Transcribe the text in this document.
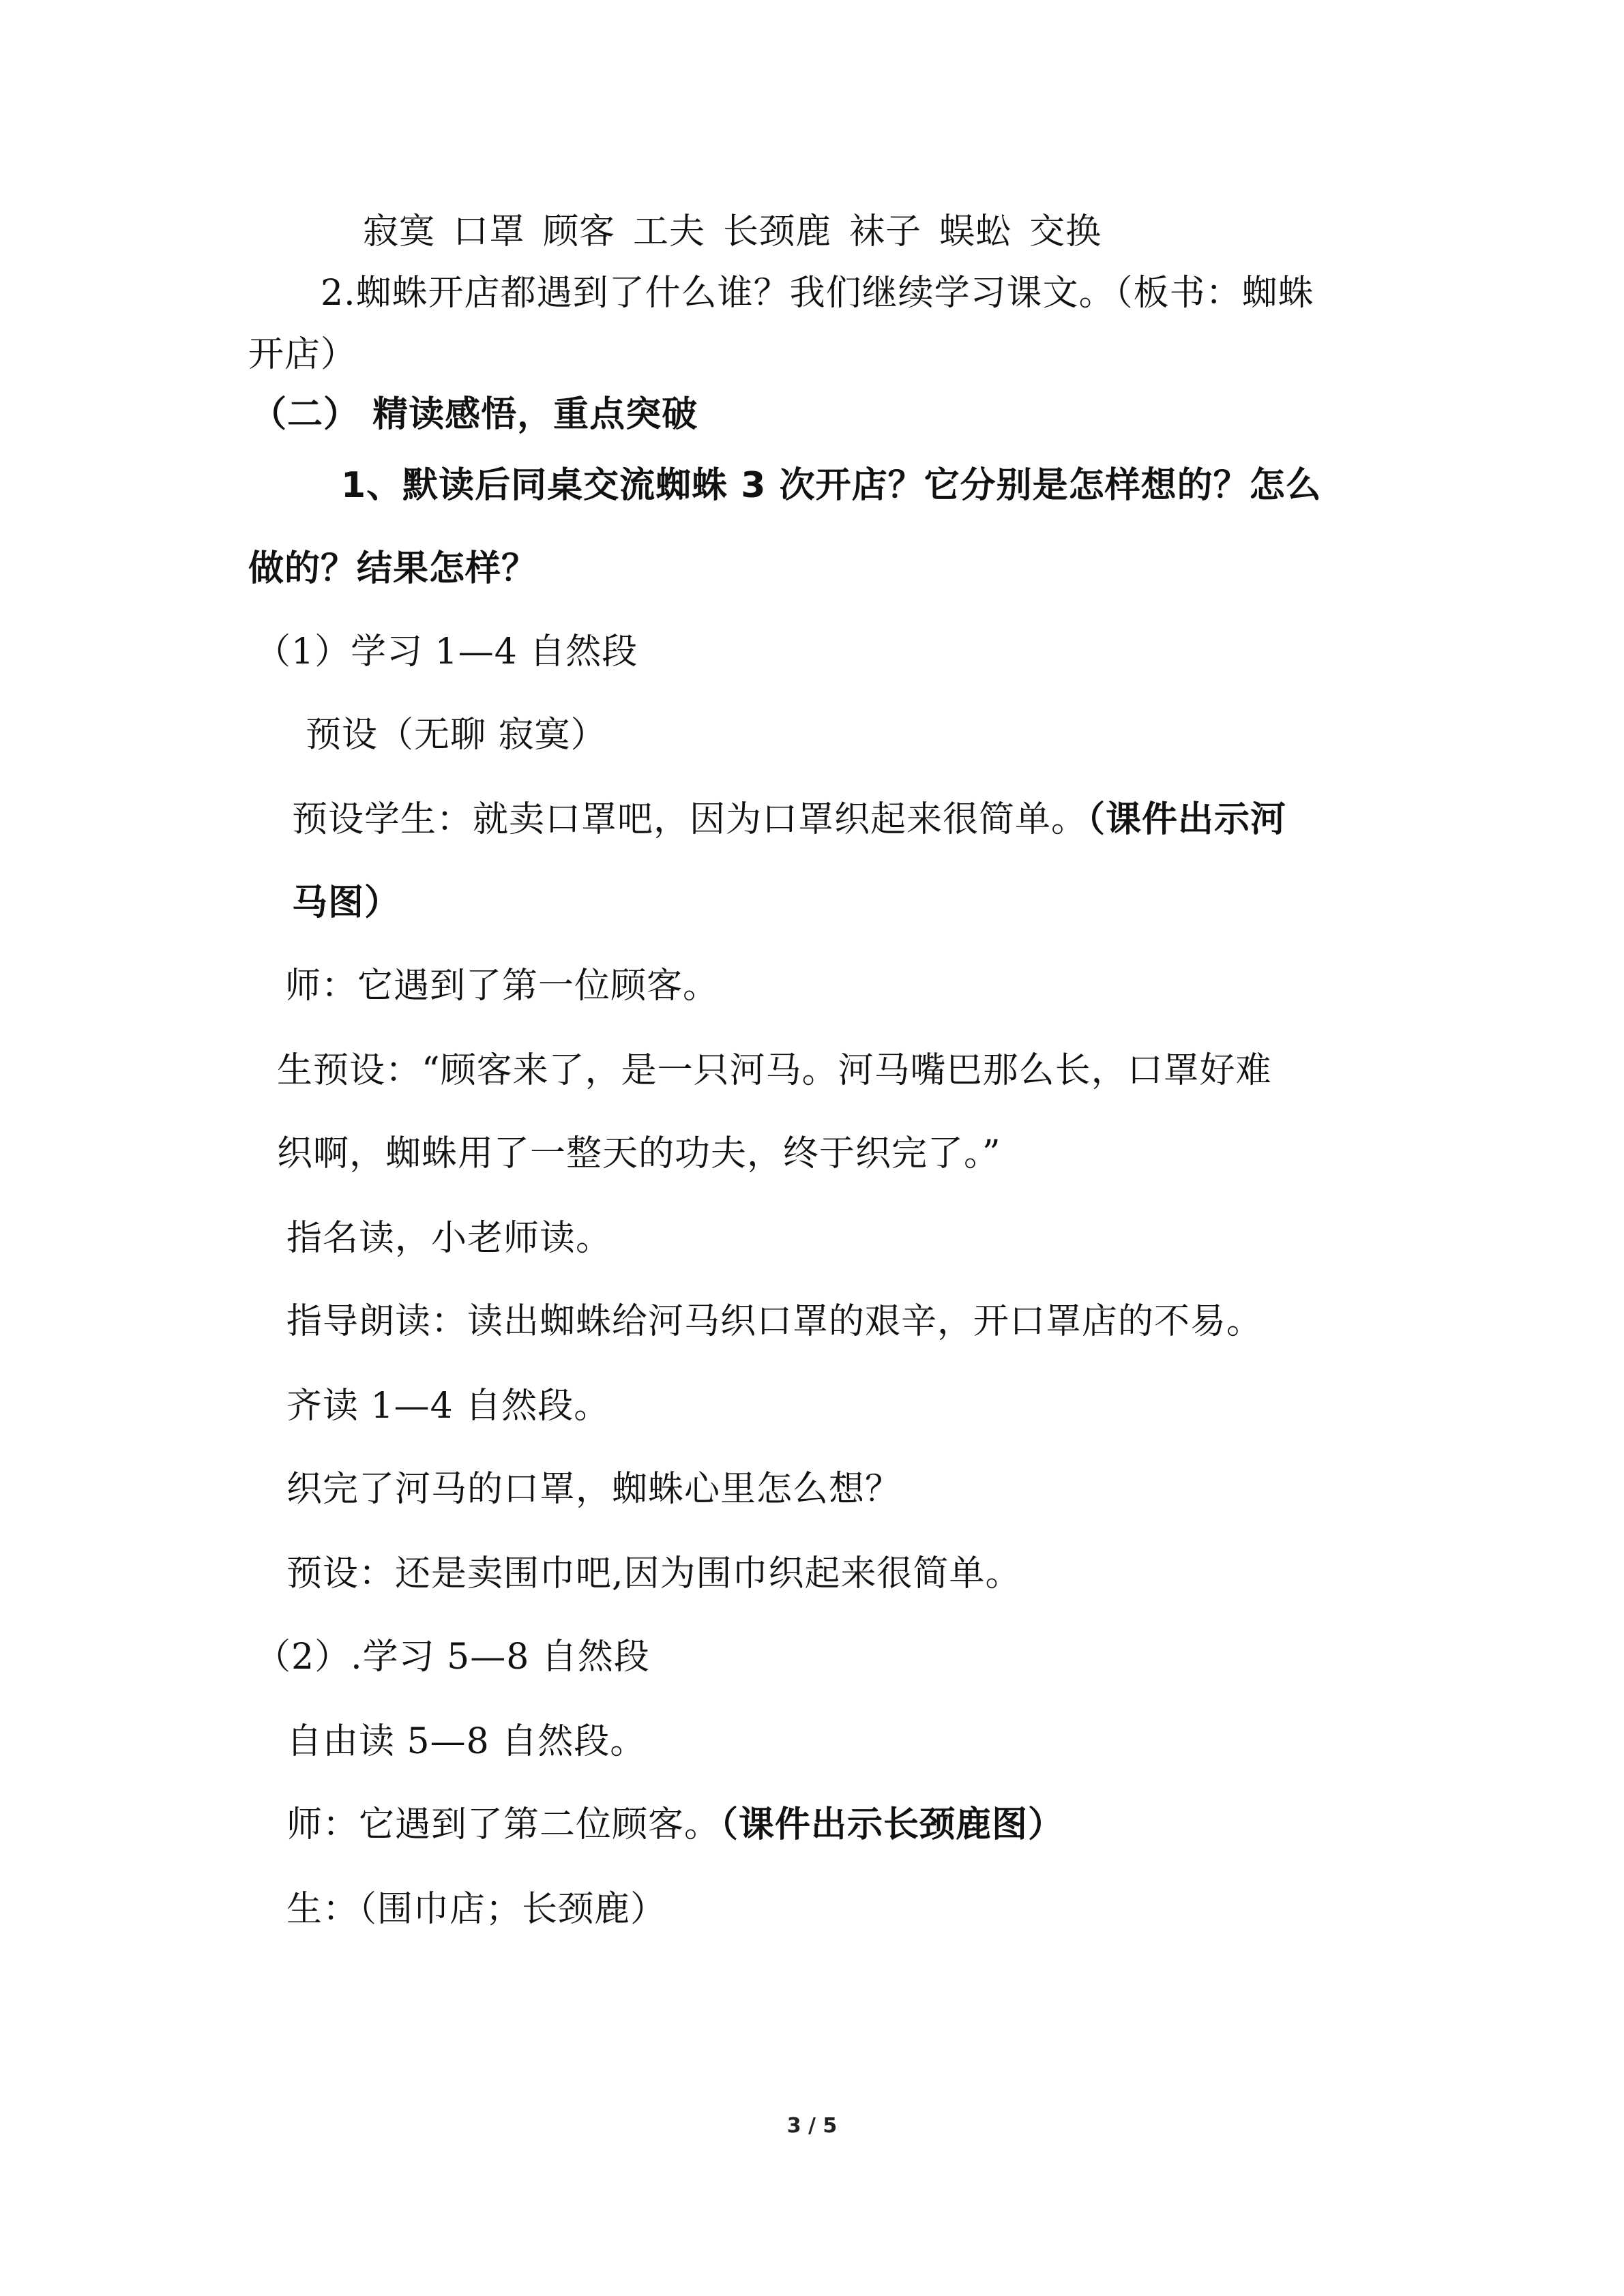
寂寞 口罩 顾客 工夫 长颈鹿 袜子 蜈蚣 交换
2.蜘蛛开店都遇到了什么谁？我们继续学习课文。（板书：蜘蛛
开店）
（二） 精读感悟，重点突破
1、默读后同桌交流蜘蛛 3 次开店？它分别是怎样想的？怎么
做的？结果怎样？
（1）学习 1—4 自然段
预设（无聊 寂寞）
预设学生：就卖口罩吧，因为口罩织起来很简单。（课件出示河
马图）
师：它遇到了第一位顾客。
生预设：“顾客来了，是一只河马。河马嘴巴那么长，口罩好难
织啊，蜘蛛用了一整天的功夫，终于织完了。”
指名读，小老师读。
指导朗读：读出蜘蛛给河马织口罩的艰辛，开口罩店的不易。
齐读 1—4 自然段。
织完了河马的口罩，蜘蛛心里怎么想？
预设：还是卖围巾吧,因为围巾织起来很简单。
（2）.学习 5—8 自然段
自由读 5—8 自然段。
师：它遇到了第二位顾客。（课件出示长颈鹿图）
生：（围巾店；长颈鹿）
3 / 5
